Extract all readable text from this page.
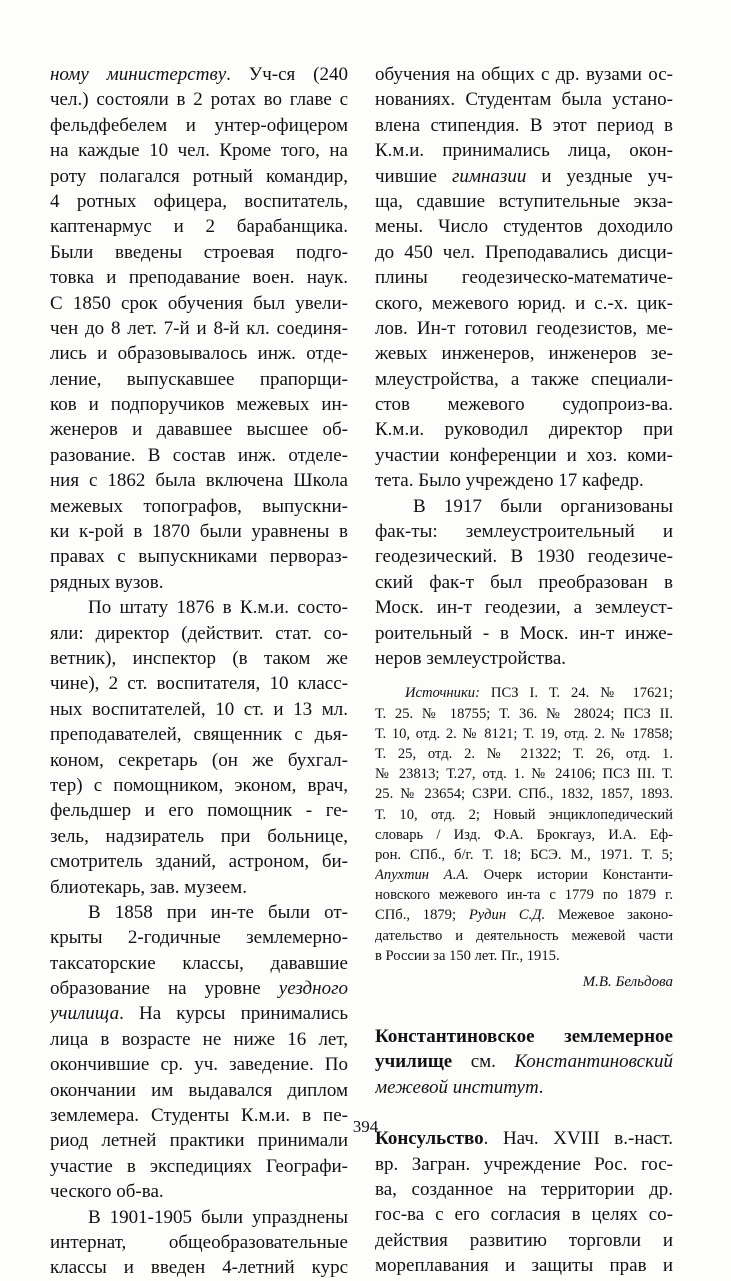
ному министерству. Уч-ся (240
чел.) состояли в 2 ротах во главе с
фельдфебелем и унтер-офицером
на каждые 10 чел. Кроме того, на
роту полагался ротный командир,
4 ротных офицера, воспитатель,
каптенармус и 2 барабанщика.
Были введены строевая подго-
товка и преподавание воен. наук.
С 1850 срок обучения был увели-
чен до 8 лет. 7-й и 8-й кл. соединя-
лись и образовывалось инж. отде-
ление, выпускавшее прапорщи-
ков и подпоручиков межевых ин-
женеров и дававшее высшее об-
разование. В состав инж. отделе-
ния с 1862 была включена Школа
межевых топографов, выпускни-
ки к-рой в 1870 были уравнены в
правах с выпускниками перворaз-
рядных вузов.
По штату 1876 в К.м.и. состо-
яли: директор (действит. стат. со-
ветник), инспектор (в таком же
чине), 2 ст. воспитателя, 10 класс-
ных воспитателей, 10 ст. и 13 мл.
преподавателей, священник с дья-
коном, секретарь (он же бухгал-
тер) с помощником, эконом, врач,
фельдшер и его помощник - ге-
зель, надзиратель при больнице,
смотритель зданий, астроном, би-
блиотекарь, зав. музеем.
В 1858 при ин-те были от-
крыты 2-годичные землемерно-
таксаторские классы, дававшие
образование на уровне уездного
училища. На курсы принимались
лица в возрасте не ниже 16 лет,
окончившие ср. уч. заведение. По
окончании им выдавался диплом
землемера. Студенты К.м.и. в пе-
риод летней практики принимали
участие в экспедициях Географи-
ческого об-ва.
В 1901-1905 были упразднены
интернат, общеобразовательные
классы и введен 4-летний курс
обучения на общих с др. вузами ос-
нованиях. Студентам была устано-
влена стипендия. В этот период в
К.м.и. принимались лица, окон-
чившие гимназии и уездные уч-
ща, сдавшие вступительные экза-
мены. Число студентов доходило
до 450 чел. Преподавались дисци-
плины геодезическо-математиче-
ского, межевого юрид. и с.-х. цик-
лов. Ин-т готовил геодезистов, ме-
жевых инженеров, инженеров зе-
млеустройства, а также специали-
стов межевого судопроиз-ва.
К.м.и. руководил директор при
участии конференции и хоз. коми-
тета. Было учреждено 17 кафедр.
В 1917 были организованы
фак-ты: землеустроительный и
геодезический. В 1930 геодезиче-
ский фак-т был преобразован в
Моск. ин-т геодезии, а землеуст-
роительный - в Моск. ин-т инже-
неров землеустройства.
Источники: ПСЗ I. Т. 24. № 17621;
Т. 25. № 18755; Т. 36. № 28024; ПСЗ II.
Т. 10, отд. 2. № 8121; Т. 19, отд. 2. № 17858;
Т. 25, отд. 2. № 21322; Т. 26, отд. 1.
№ 23813; Т.27, отд. 1. № 24106; ПСЗ III. Т.
25. № 23654; СЗРИ. СПб., 1832, 1857, 1893.
Т. 10, отд. 2; Новый энциклопедический
словарь / Изд. Ф.А. Брокгауз, И.А. Еф-
рон. СПб., б/г. Т. 18; БСЭ. М., 1971. Т. 5;
Апухтин А.А. Очерк истории Константи-
новского межевого ин-та с 1779 по 1879 г.
СПб., 1879; Рудин С.Д. Межевое законо-
дательство и деятельность межевой части
в России за 150 лет. Пг., 1915.
М.В. Бельдова
Константиновское землемерное
училище см. Константиновский
межевой институт.
Консульство. Нач. XVIII в.-наст.
вр. Загран. учреждение Рос. гос-
ва, созданное на территории др.
гос-ва с его согласия в целях со-
действия развитию торговли и
мореплавания и защиты прав и
394
